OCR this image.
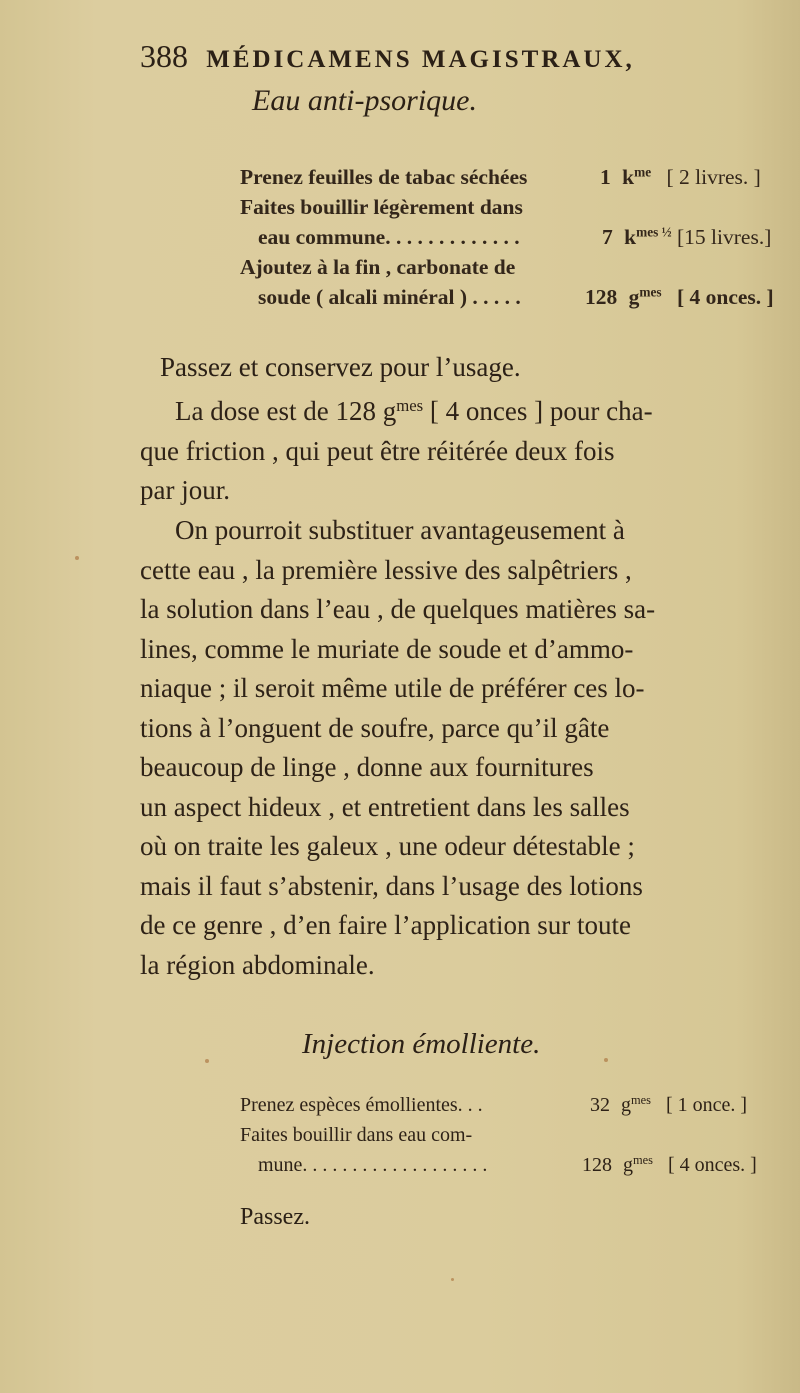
388 MÉDICAMENS MAGISTRAUX,
Eau anti-psorique.
Prenez feuilles de tabac séchées	1 $k^{me}$ [ 2 livres. ]
Faites bouillir légèrement dans
eau commune. . . . . . . . . . . . .	7 $k^{mes \frac{1}{2}}$ [15 livres.]
Ajoutez à la fin , carbonate de
soude ( alcali minéral ) . . . . .	128 $g^{mes}$ [ 4 onces. ]
Passez et conservez pour l’usage.
La dose est de 128 $g^{mes}$ [ 4 onces ] pour cha-
que friction , qui peut être réitérée deux fois
par jour.
On pourroit substituer avantageusement à
cette eau , la première lessive des salpêtriers ,
la solution dans l’eau , de quelques matières sa-
lines, comme le muriate de soude et d’ammo-
niaque ; il seroit même utile de préférer ces lo-
tions à l’onguent de soufre, parce qu’il gâte
beaucoup de linge , donne aux fournitures
un aspect hideux , et entretient dans les salles
où on traite les galeux , une odeur détestable ;
mais il faut s’abstenir, dans l’usage des lotions
de ce genre , d’en faire l’application sur toute
la région abdominale.
Injection émolliente.
Prenez espèces émollientes. . .	32 $g^{mes}$ [ 1 once. ]
Faites bouillir dans eau com-
mune. . . . . . . . . . . . . . . . . . .	128 $g^{mes}$ [ 4 onces. ]
Passez.
